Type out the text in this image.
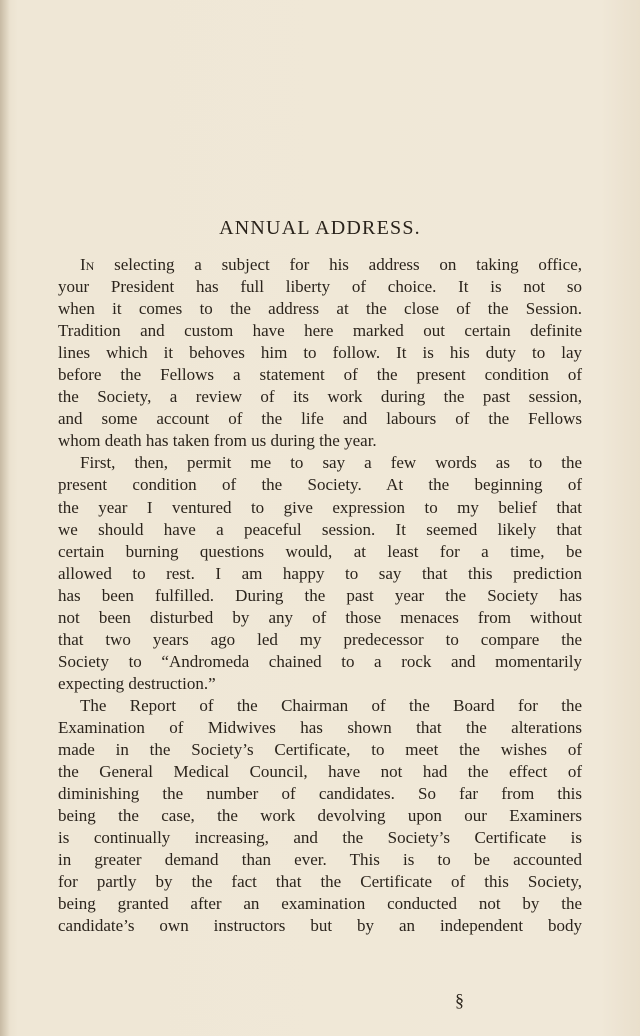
ANNUAL ADDRESS.
In selecting a subject for his address on taking office,
your President has full liberty of choice. It is not so
when it comes to the address at the close of the Session.
Tradition and custom have here marked out certain definite
lines which it behoves him to follow. It is his duty to lay
before the Fellows a statement of the present condition of
the Society, a review of its work during the past session,
and some account of the life and labours of the Fellows
whom death has taken from us during the year.
First, then, permit me to say a few words as to the
present condition of the Society. At the beginning of
the year I ventured to give expression to my belief that
we should have a peaceful session. It seemed likely that
certain burning questions would, at least for a time, be
allowed to rest. I am happy to say that this prediction
has been fulfilled. During the past year the Society has
not been disturbed by any of those menaces from without
that two years ago led my predecessor to compare the
Society to “Andromeda chained to a rock and momentarily
expecting destruction.”
The Report of the Chairman of the Board for the
Examination of Midwives has shown that the alterations
made in the Society’s Certificate, to meet the wishes of
the General Medical Council, have not had the effect of
diminishing the number of candidates. So far from this
being the case, the work devolving upon our Examiners
is continually increasing, and the Society’s Certificate is
in greater demand than ever. This is to be accounted
for partly by the fact that the Certificate of this Society,
being granted after an examination conducted not by the
candidate’s own instructors but by an independent body
§
